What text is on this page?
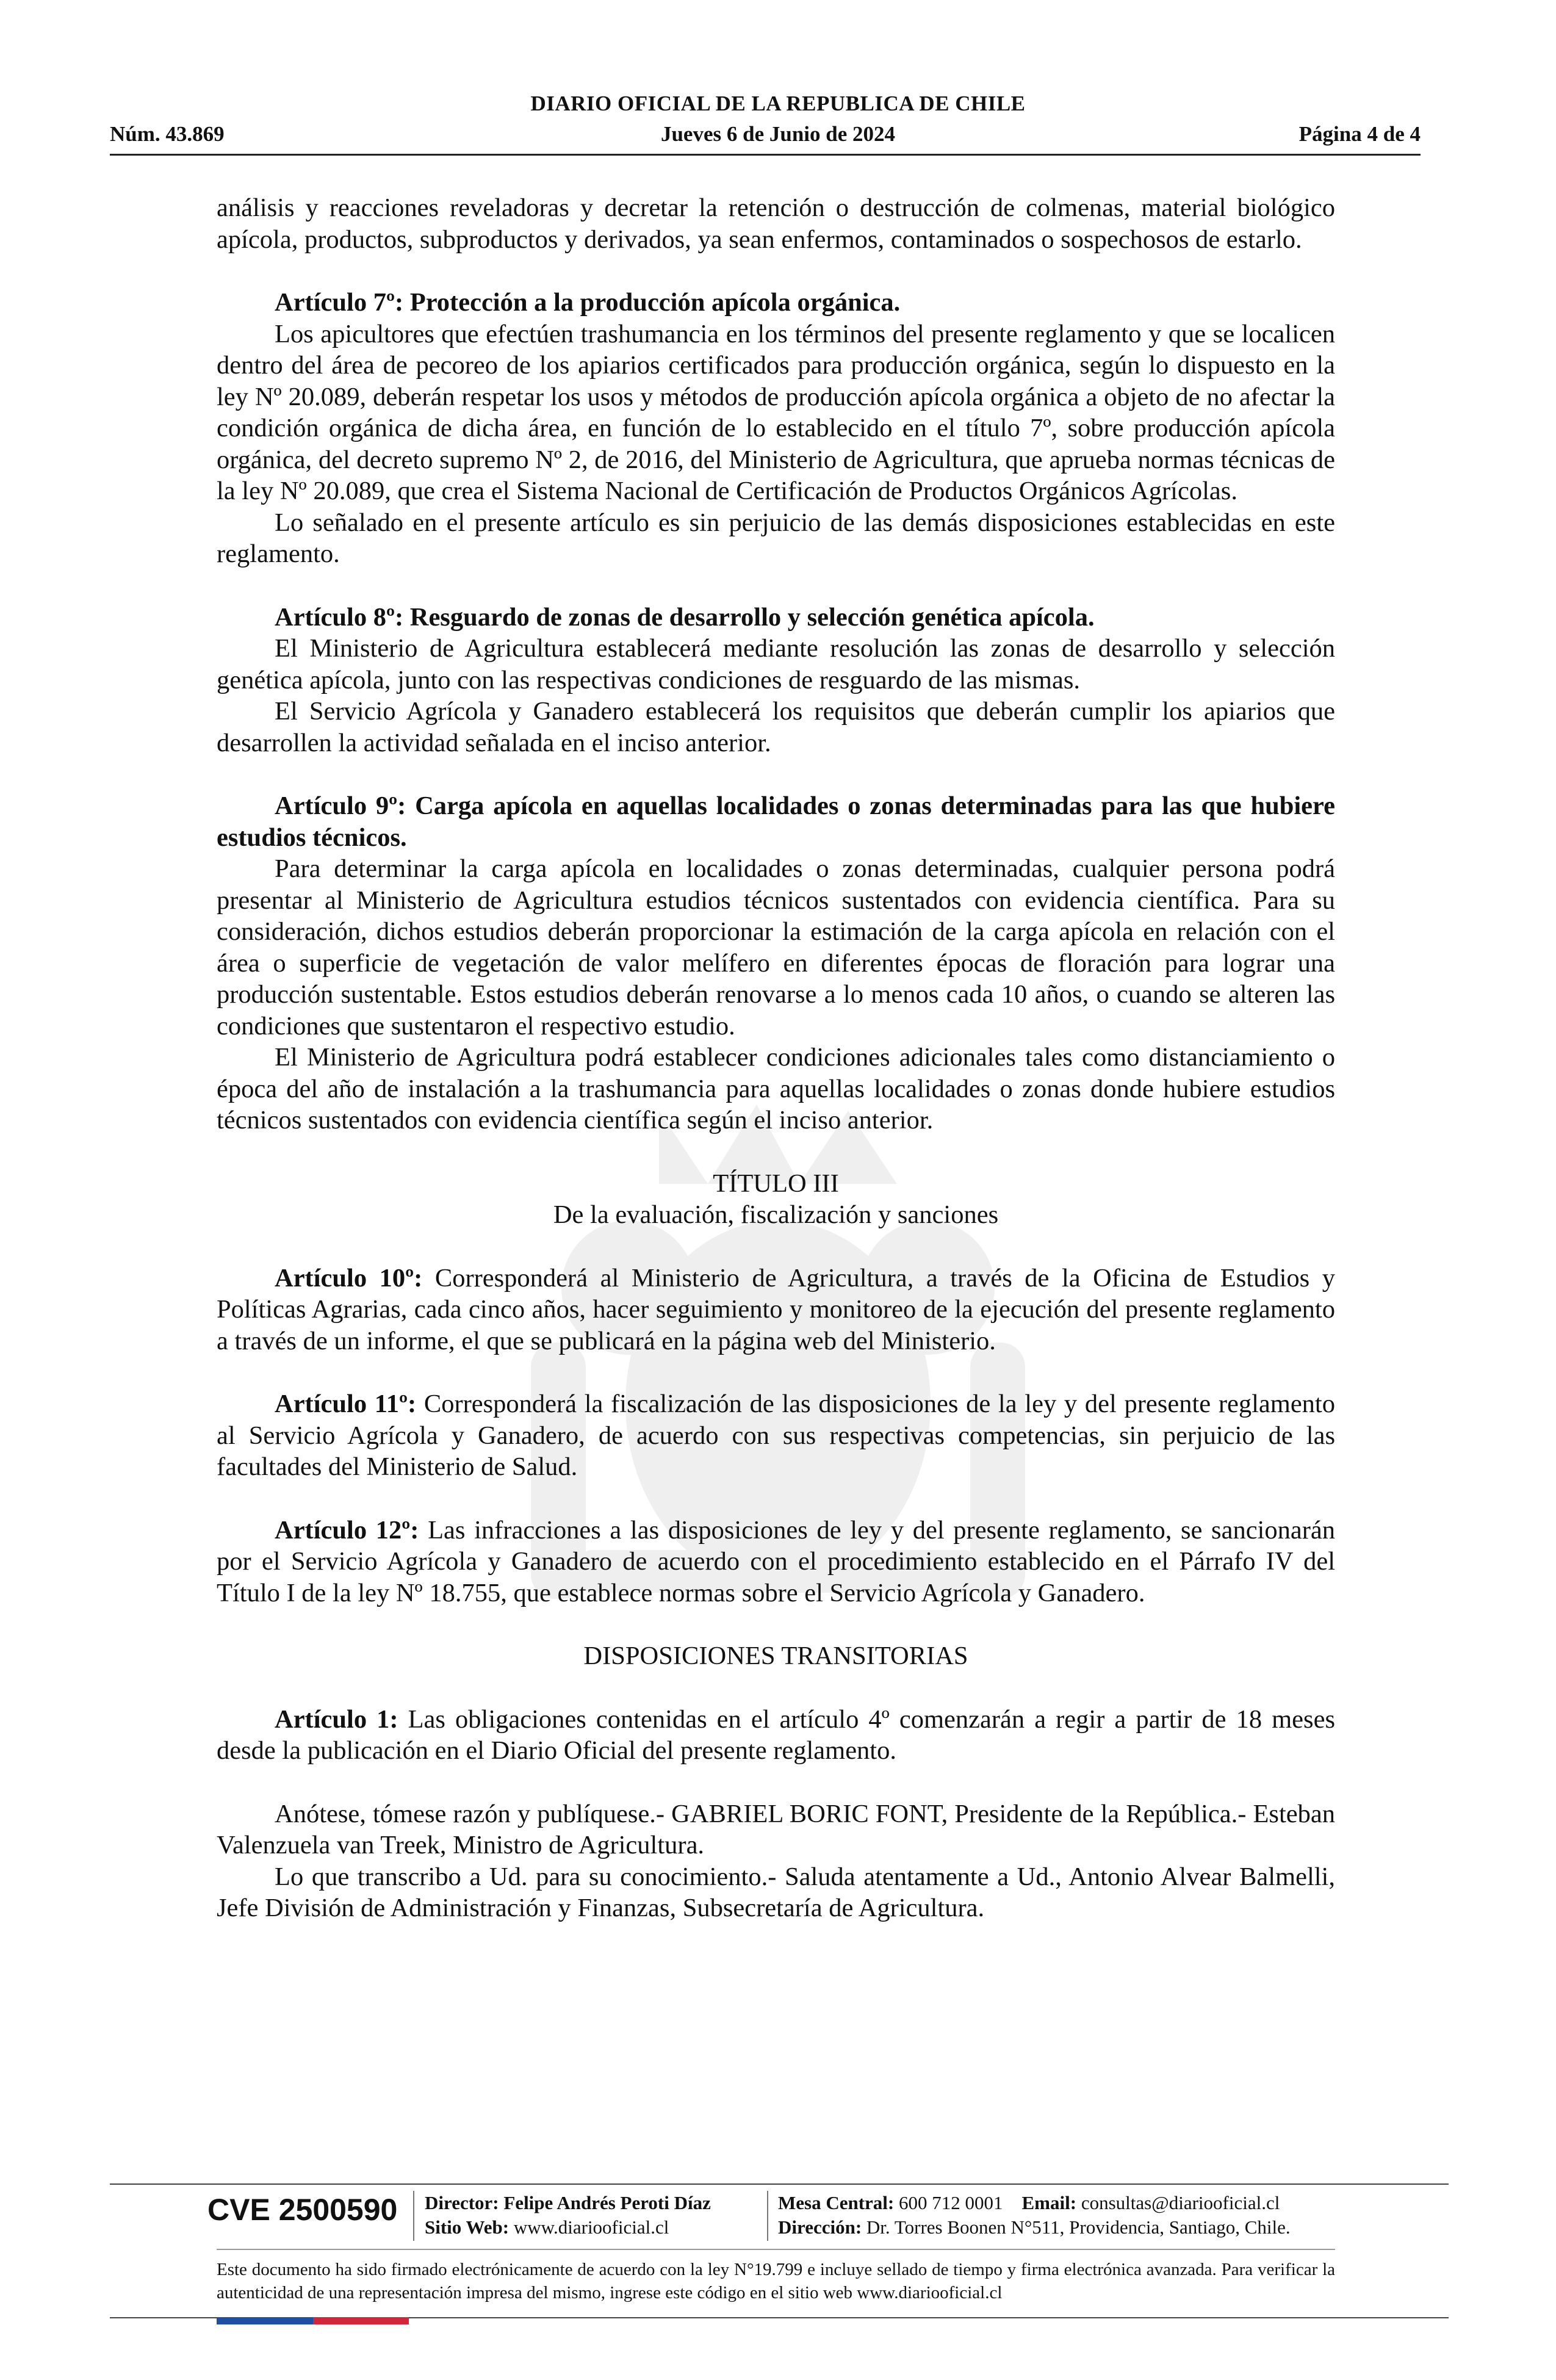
DIARIO OFICIAL DE LA REPUBLICA DE CHILE
Núm. 43.869	Jueves 6 de Junio de 2024	Página 4 de 4

análisis y reacciones reveladoras y decretar la retención o destrucción de colmenas, material biológico apícola, productos, subproductos y derivados, ya sean enfermos, contaminados o sospechosos de estarlo.

Artículo 7º: Protección a la producción apícola orgánica.

Los apicultores que efectúen trashumancia en los términos del presente reglamento y que se localicen dentro del área de pecoreo de los apiarios certificados para producción orgánica, según lo dispuesto en la ley Nº 20.089, deberán respetar los usos y métodos de producción apícola orgánica a objeto de no afectar la condición orgánica de dicha área, en función de lo establecido en el título 7º, sobre producción apícola orgánica, del decreto supremo Nº 2, de 2016, del Ministerio de Agricultura, que aprueba normas técnicas de la ley Nº 20.089, que crea el Sistema Nacional de Certificación de Productos Orgánicos Agrícolas.

Lo señalado en el presente artículo es sin perjuicio de las demás disposiciones establecidas en este reglamento.

Artículo 8º: Resguardo de zonas de desarrollo y selección genética apícola.

El Ministerio de Agricultura establecerá mediante resolución las zonas de desarrollo y selección genética apícola, junto con las respectivas condiciones de resguardo de las mismas.

El Servicio Agrícola y Ganadero establecerá los requisitos que deberán cumplir los apiarios que desarrollen la actividad señalada en el inciso anterior.

Artículo 9º: Carga apícola en aquellas localidades o zonas determinadas para las que hubiere estudios técnicos.

Para determinar la carga apícola en localidades o zonas determinadas, cualquier persona podrá presentar al Ministerio de Agricultura estudios técnicos sustentados con evidencia científica. Para su consideración, dichos estudios deberán proporcionar la estimación de la carga apícola en relación con el área o superficie de vegetación de valor melífero en diferentes épocas de floración para lograr una producción sustentable. Estos estudios deberán renovarse a lo menos cada 10 años, o cuando se alteren las condiciones que sustentaron el respectivo estudio.

El Ministerio de Agricultura podrá establecer condiciones adicionales tales como distanciamiento o época del año de instalación a la trashumancia para aquellas localidades o zonas donde hubiere estudios técnicos sustentados con evidencia científica según el inciso anterior.

TÍTULO III

De la evaluación, fiscalización y sanciones

Artículo 10º: Corresponderá al Ministerio de Agricultura, a través de la Oficina de Estudios y Políticas Agrarias, cada cinco años, hacer seguimiento y monitoreo de la ejecución del presente reglamento a través de un informe, el que se publicará en la página web del Ministerio.

Artículo 11º: Corresponderá la fiscalización de las disposiciones de la ley y del presente reglamento al Servicio Agrícola y Ganadero, de acuerdo con sus respectivas competencias, sin perjuicio de las facultades del Ministerio de Salud.

Artículo 12º: Las infracciones a las disposiciones de ley y del presente reglamento, se sancionarán por el Servicio Agrícola y Ganadero de acuerdo con el procedimiento establecido en el Párrafo IV del Título I de la ley Nº 18.755, que establece normas sobre el Servicio Agrícola y Ganadero.

DISPOSICIONES TRANSITORIAS

Artículo 1: Las obligaciones contenidas en el artículo 4º comenzarán a regir a partir de 18 meses desde la publicación en el Diario Oficial del presente reglamento.

Anótese, tómese razón y publíquese.- GABRIEL BORIC FONT, Presidente de la República.- Esteban Valenzuela van Treek, Ministro de Agricultura.

Lo que transcribo a Ud. para su conocimiento.- Saluda atentamente a Ud., Antonio Alvear Balmelli, Jefe División de Administración y Finanzas, Subsecretaría de Agricultura.

CVE 2500590 Director: Felipe Andrés Peroti Díaz
Sitio Web: www.diariooficial.cl
Mesa Central: 600 712 0001 Email: consultas@diariooficial.cl
Dirección: Dr. Torres Boonen N°511, Providencia, Santiago, Chile.
Este documento ha sido firmado electrónicamente de acuerdo con la ley N°19.799 e incluye sellado de tiempo y firma electrónica avanzada. Para verificar la autenticidad de una representación impresa del mismo, ingrese este código en el sitio web www.diariooficial.cl
